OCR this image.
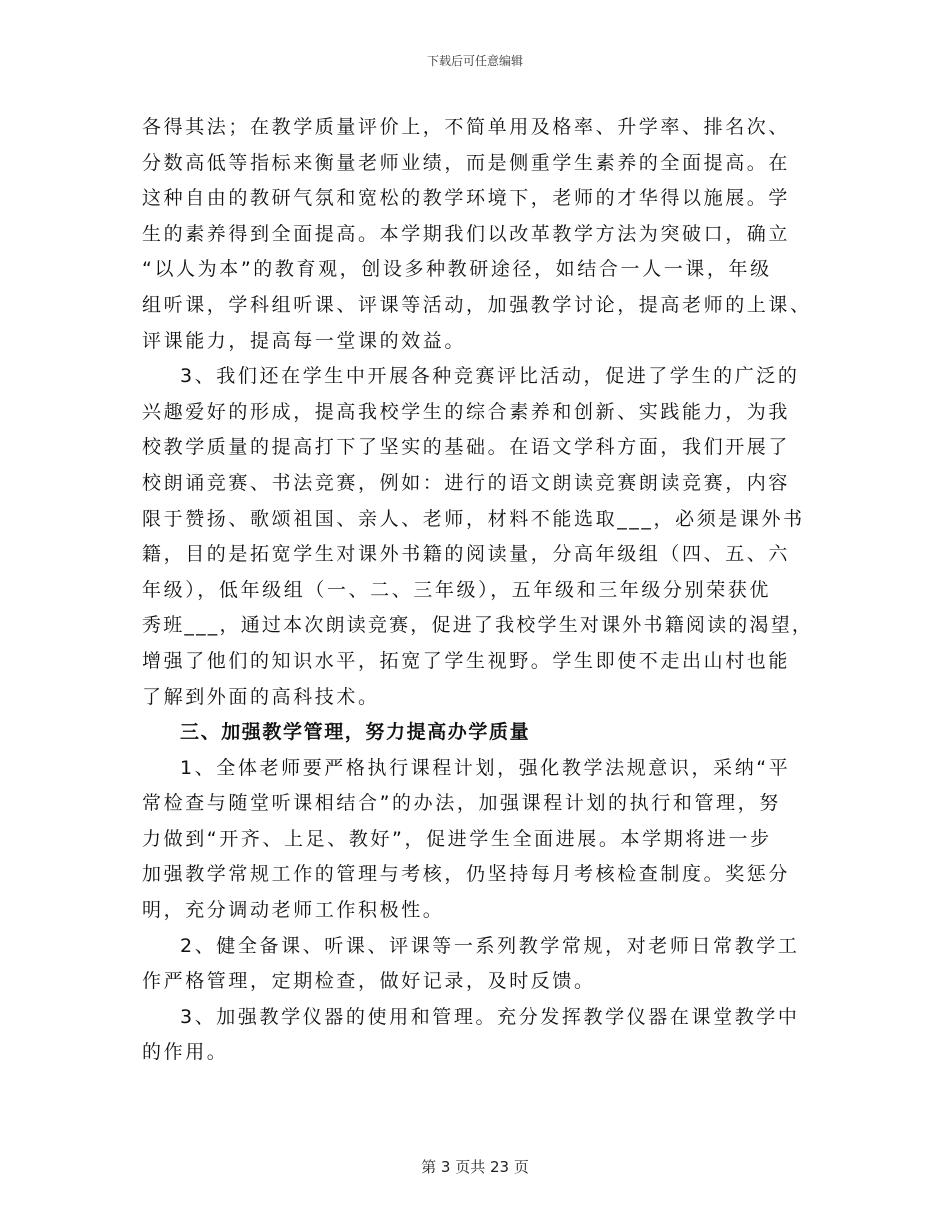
下载后可任意编辑
各得其法；在教学质量评价上，不简单用及格率、升学率、排名次、
分数高低等指标来衡量老师业绩，而是侧重学生素养的全面提高。在
这种自由的教研气氛和宽松的教学环境下，老师的才华得以施展。学
生的素养得到全面提高。本学期我们以改革教学方法为突破口，确立
“以人为本”的教育观，创设多种教研途径，如结合一人一课，年级
组听课，学科组听课、评课等活动，加强教学讨论，提高老师的上课、
评课能力，提高每一堂课的效益。
3、我们还在学生中开展各种竞赛评比活动，促进了学生的广泛的
兴趣爱好的形成，提高我校学生的综合素养和创新、实践能力，为我
校教学质量的提高打下了坚实的基础。在语文学科方面，我们开展了
校朗诵竞赛、书法竞赛，例如：进行的语文朗读竞赛朗读竞赛，内容
限于赞扬、歌颂祖国、亲人、老师，材料不能选取___，必须是课外书
籍，目的是拓宽学生对课外书籍的阅读量，分高年级组（四、五、六
年级），低年级组（一、二、三年级），五年级和三年级分别荣获优
秀班___，通过本次朗读竞赛，促进了我校学生对课外书籍阅读的渴望，
增强了他们的知识水平，拓宽了学生视野。学生即使不走出山村也能
了解到外面的高科技术。
三、加强教学管理，努力提高办学质量
1、全体老师要严格执行课程计划，强化教学法规意识，采纳“平
常检查与随堂听课相结合”的办法，加强课程计划的执行和管理，努
力做到“开齐、上足、教好”，促进学生全面进展。本学期将进一步
加强教学常规工作的管理与考核，仍坚持每月考核检查制度。奖惩分
明，充分调动老师工作积极性。
2、健全备课、听课、评课等一系列教学常规，对老师日常教学工
作严格管理，定期检查，做好记录，及时反馈。
3、加强教学仪器的使用和管理。充分发挥教学仪器在课堂教学中
的作用。
第 3 页共 23 页
